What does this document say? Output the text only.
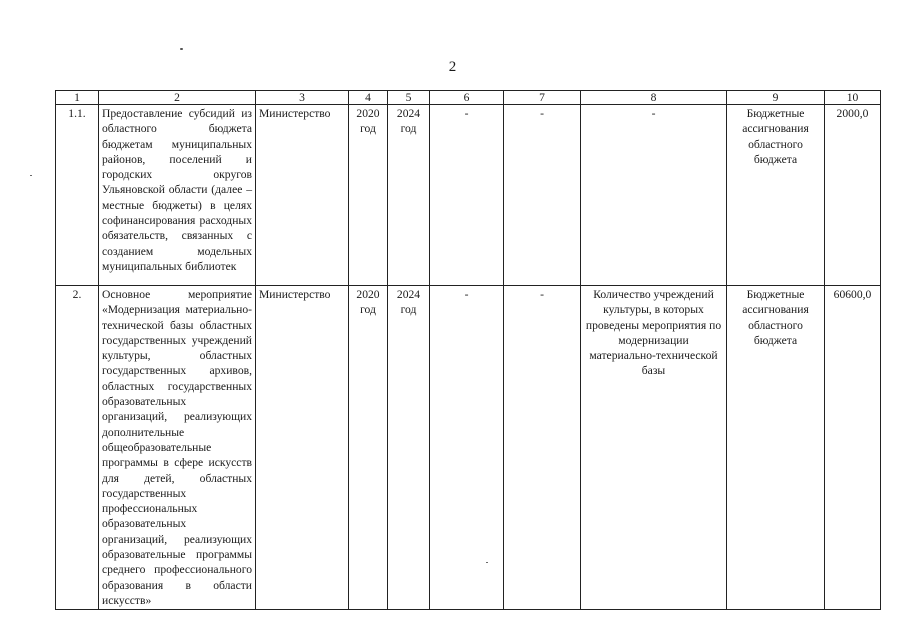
2
1	2	3	4	5	6	7	8	9	10
1.1.	Предоставление субсидий из областного бюджета бюджетам муниципальных районов, поселений и городских округов Ульяновской области (далее – местные бюджеты) в целях софинансирования расходных обязательств, связанных с созданием модельных муниципальных библиотек	Министерство	2020 год	2024 год	-	-	-	Бюджетные ассигнования областного бюджета	2000,0
2.	Основное мероприятие «Модернизация материально-технической базы областных государственных учреждений культуры, областных государственных архивов, областных государственных образовательных организаций, реализующих дополнительные общеобразовательные программы в сфере искусств для детей, областных государственных профессиональных образовательных организаций, реализующих образовательные программы среднего профессионального образования в области искусств»	Министерство	2020 год	2024 год	-	-	Количество учреждений культуры, в которых проведены мероприятия по модернизации материально-технической базы	Бюджетные ассигнования областного бюджета	60600,0
